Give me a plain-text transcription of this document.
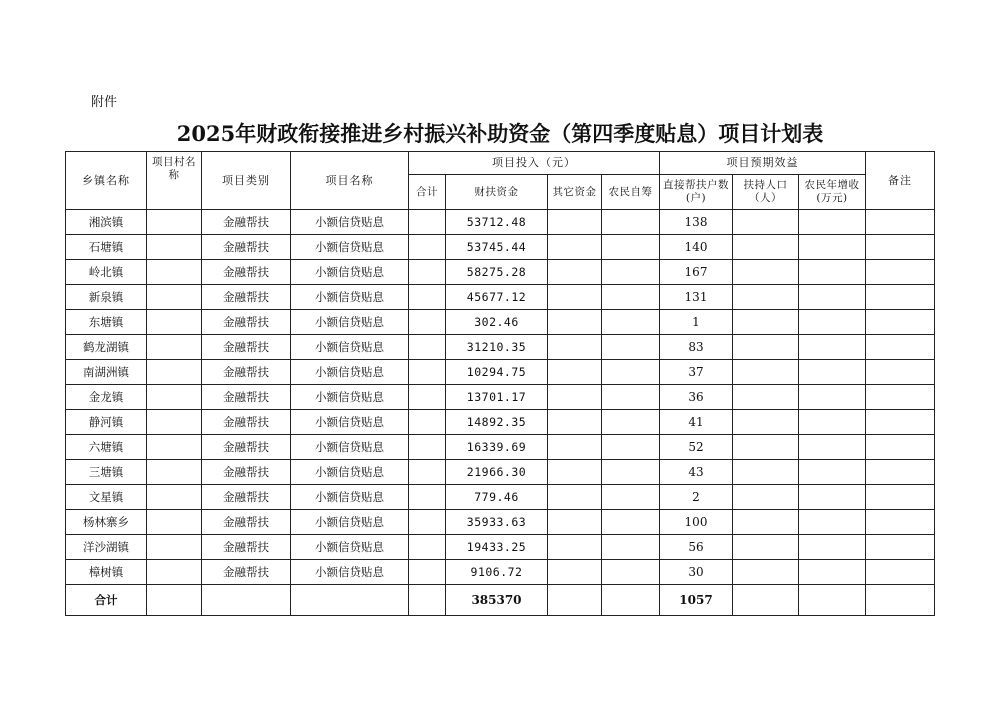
附件
2025年财政衔接推进乡村振兴补助资金（第四季度贴息）项目计划表
乡镇名称	项目村名称	项目类别	项目名称	项目投入（元）				项目预期效益			备注
				合计	财扶资金	其它资金	农民自筹	直接帮扶户数(户)	扶持人口（人）	农民年增收(万元)	
湘滨镇		金融帮扶	小额信贷贴息		53712.48			138			
石塘镇		金融帮扶	小额信贷贴息		53745.44			140			
岭北镇		金融帮扶	小额信贷贴息		58275.28			167			
新泉镇		金融帮扶	小额信贷贴息		45677.12			131			
东塘镇		金融帮扶	小额信贷贴息		302.46			1			
鹤龙湖镇		金融帮扶	小额信贷贴息		31210.35			83			
南湖洲镇		金融帮扶	小额信贷贴息		10294.75			37			
金龙镇		金融帮扶	小额信贷贴息		13701.17			36			
静河镇		金融帮扶	小额信贷贴息		14892.35			41			
六塘镇		金融帮扶	小额信贷贴息		16339.69			52			
三塘镇		金融帮扶	小额信贷贴息		21966.30			43			
文星镇		金融帮扶	小额信贷贴息		779.46			2			
杨林寨乡		金融帮扶	小额信贷贴息		35933.63			100			
洋沙湖镇		金融帮扶	小额信贷贴息		19433.25			56			
樟树镇		金融帮扶	小额信贷贴息		9106.72			30			
合计					385370			1057			
